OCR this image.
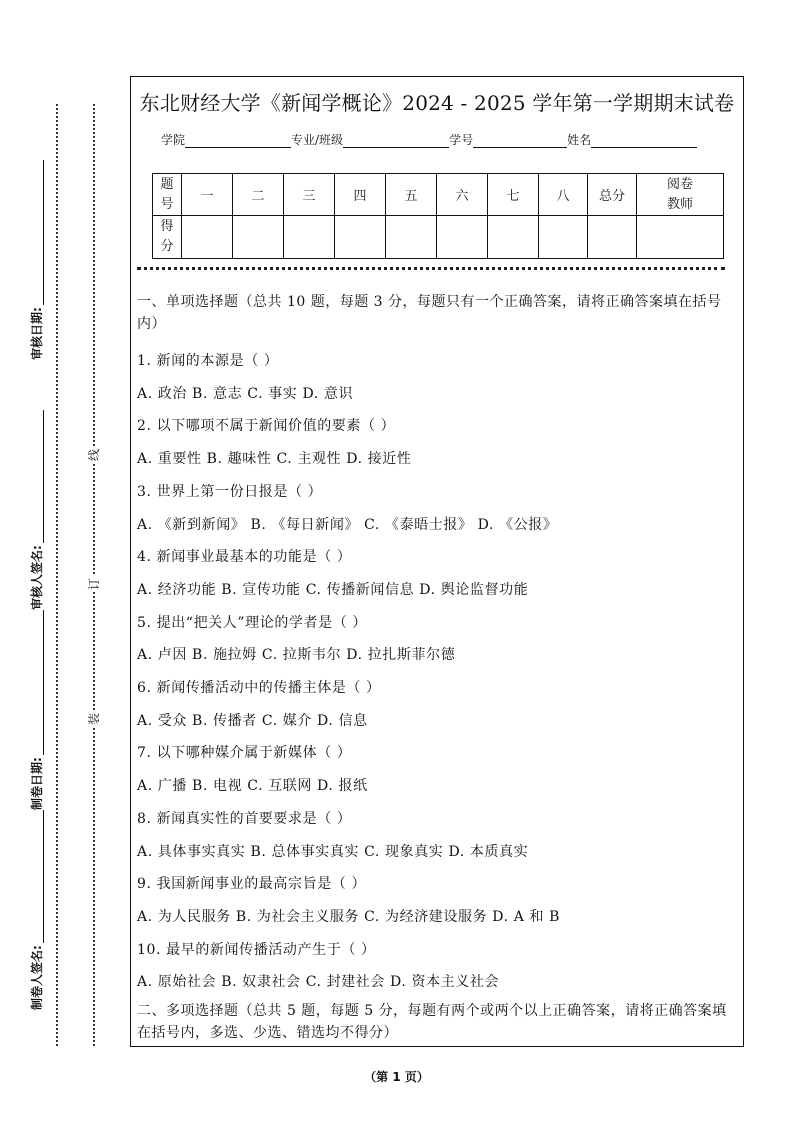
审核日期:
审核人签名:
制卷日期:
制卷人签名:
线
订
装
东北财经大学《新闻学概论》2024 - 2025 学年第一学期期末试卷
学院	专业/班级	学号	姓名
题
号	一	二	三	四	五	六	七	八	总分	阅卷
教师

得
分										

一、单项选择题（总共 10 题，每题 3 分，每题只有一个正确答案，请将正确答案填在括号内）

1. 新闻的本源是（ ）
A. 政治 B. 意志 C. 事实 D. 意识
2. 以下哪项不属于新闻价值的要素（ ）
A. 重要性 B. 趣味性 C. 主观性 D. 接近性
3. 世界上第一份日报是（ ）
A. 《新到新闻》 B. 《每日新闻》 C. 《泰晤士报》 D. 《公报》
4. 新闻事业最基本的功能是（ ）
A. 经济功能 B. 宣传功能 C. 传播新闻信息 D. 舆论监督功能
5. 提出“把关人”理论的学者是（ ）
A. 卢因 B. 施拉姆 C. 拉斯韦尔 D. 拉扎斯菲尔德
6. 新闻传播活动中的传播主体是（ ）
A. 受众 B. 传播者 C. 媒介 D. 信息
7. 以下哪种媒介属于新媒体（ ）
A. 广播 B. 电视 C. 互联网 D. 报纸
8. 新闻真实性的首要要求是（ ）
A. 具体事实真实 B. 总体事实真实 C. 现象真实 D. 本质真实
9. 我国新闻事业的最高宗旨是（ ）
A. 为人民服务 B. 为社会主义服务 C. 为经济建设服务 D. A 和 B
10. 最早的新闻传播活动产生于（ ）
A. 原始社会 B. 奴隶社会 C. 封建社会 D. 资本主义社会

二、多项选择题（总共 5 题，每题 5 分，每题有两个或两个以上正确答案，请将正确答案填在括号内，多选、少选、错选均不得分）

（第 1 页）
